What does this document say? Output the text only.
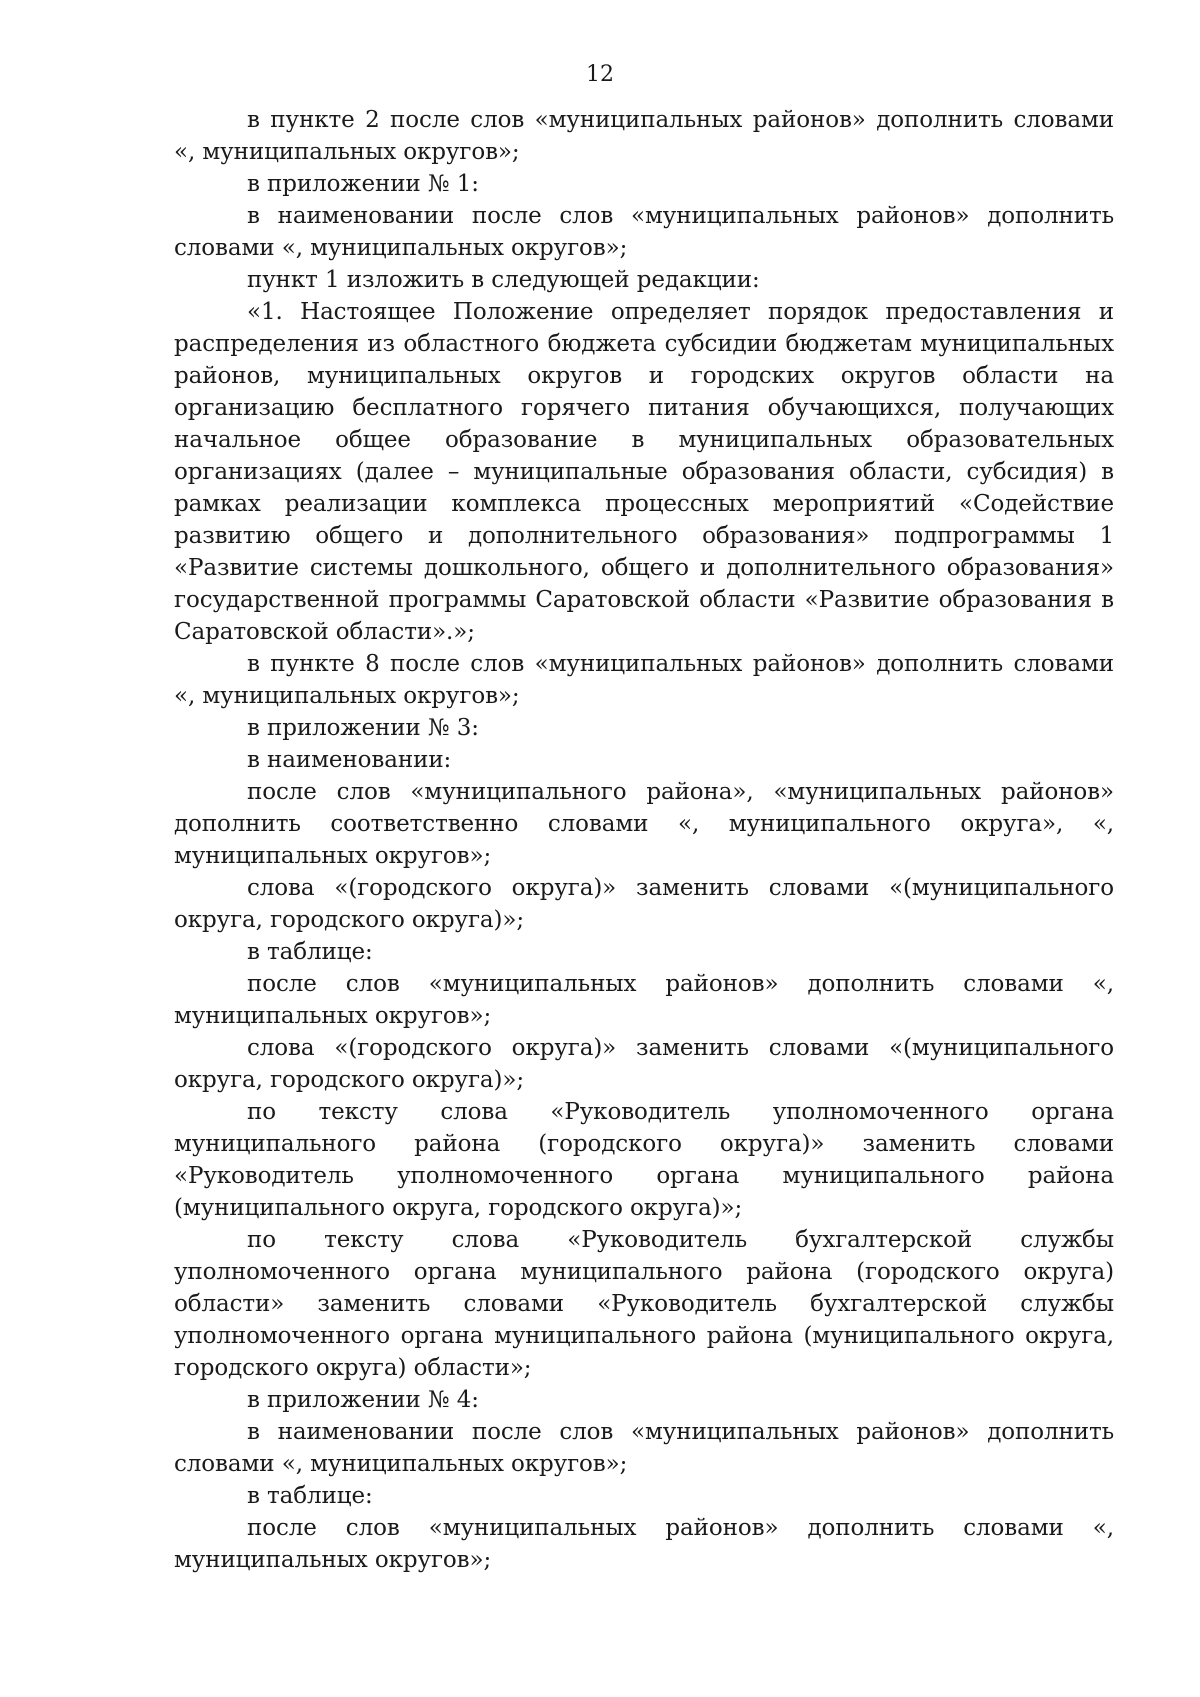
12

в пункте 2 после слов «муниципальных районов» дополнить словами «, муниципальных округов»;

в приложении № 1:

в наименовании после слов «муниципальных районов» дополнить словами «, муниципальных округов»;

пункт 1 изложить в следующей редакции:

«1. Настоящее Положение определяет порядок предоставления и распределения из областного бюджета субсидии бюджетам муниципальных районов, муниципальных округов и городских округов области на организацию бесплатного горячего питания обучающихся, получающих начальное общее образование в муниципальных образовательных организациях (далее – муниципальные образования области, субсидия) в рамках реализации комплекса процессных мероприятий «Содействие развитию общего и дополнительного образования» подпрограммы 1 «Развитие системы дошкольного, общего и дополнительного образования» государственной программы Саратовской области «Развитие образования в Саратовской области».»;

в пункте 8 после слов «муниципальных районов» дополнить словами «, муниципальных округов»;

в приложении № 3:

в наименовании:

после слов «муниципального района», «муниципальных районов» дополнить соответственно словами «, муниципального округа», «, муниципальных округов»;

слова «(городского округа)» заменить словами «(муниципального округа, городского округа)»;

в таблице:

после слов «муниципальных районов» дополнить словами «, муниципальных округов»;

слова «(городского округа)» заменить словами «(муниципального округа, городского округа)»;

по тексту слова «Руководитель уполномоченного органа муниципального района (городского округа)» заменить словами «Руководитель уполномоченного органа муниципального района (муниципального округа, городского округа)»;

по тексту слова «Руководитель бухгалтерской службы уполномоченного органа муниципального района (городского округа) области» заменить словами «Руководитель бухгалтерской службы уполномоченного органа муниципального района (муниципального округа, городского округа) области»;

в приложении № 4:

в наименовании после слов «муниципальных районов» дополнить словами «, муниципальных округов»;

в таблице:

после слов «муниципальных районов» дополнить словами «, муниципальных округов»;
